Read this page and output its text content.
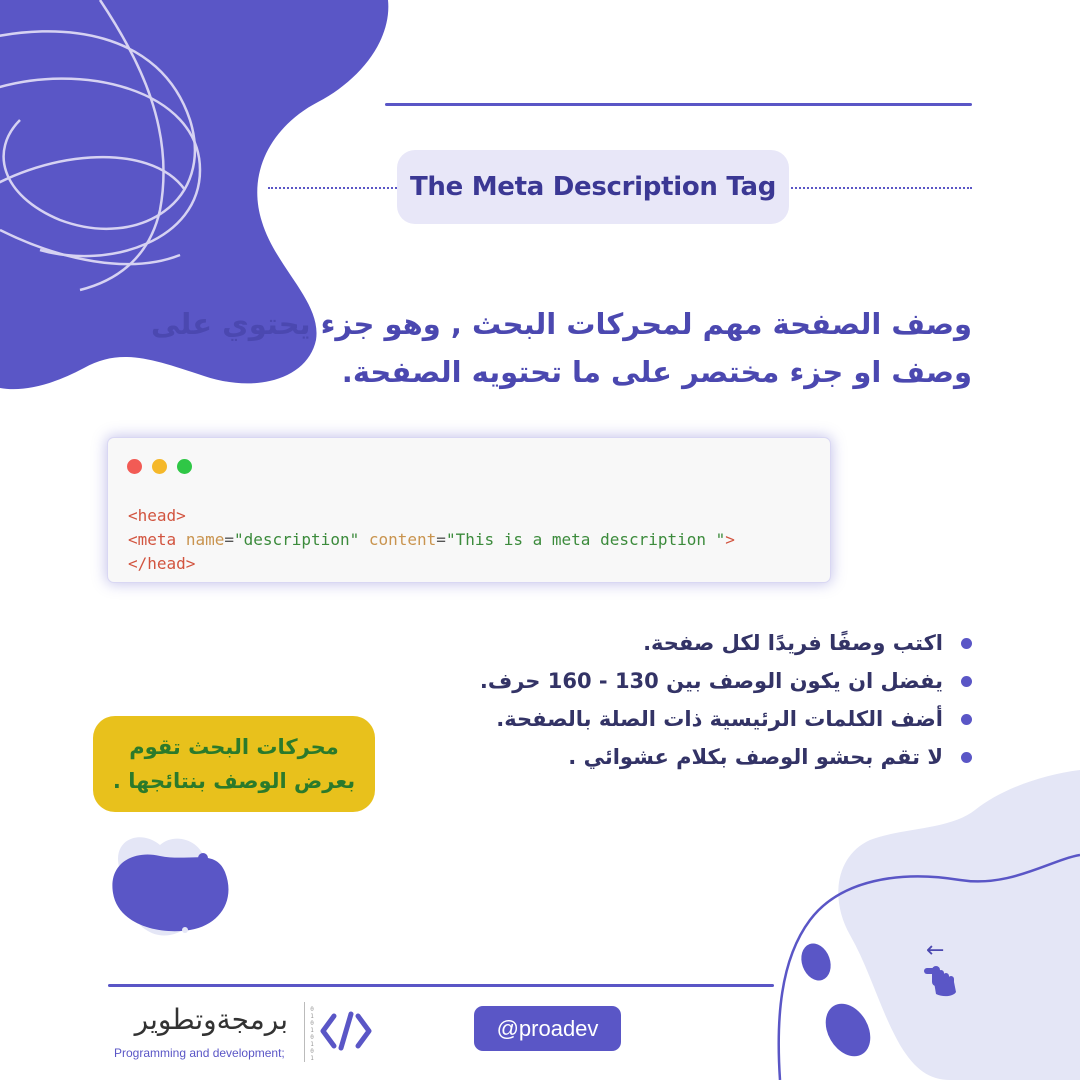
The Meta Description Tag
وصف الصفحة مهم لمحركات البحث , وهو جزء يحتوي على
وصف او جزء مختصر على ما تحتويه الصفحة.
<head>
<meta name="description" content="This is a meta description ">
</head>
اكتب وصفًا فريدًا لكل صفحة.
يفضل ان يكون الوصف بين 130 - 160 حرف.
أضف الكلمات الرئيسية ذات الصلة بالصفحة.
لا تقم بحشو الوصف بكلام عشوائي .
محركات البحث تقوم
بعرض الوصف بنتائجها .
←
برمجةوتطوير
Programming and development;
0
1
0
1
0
1
0
1
@proadev
